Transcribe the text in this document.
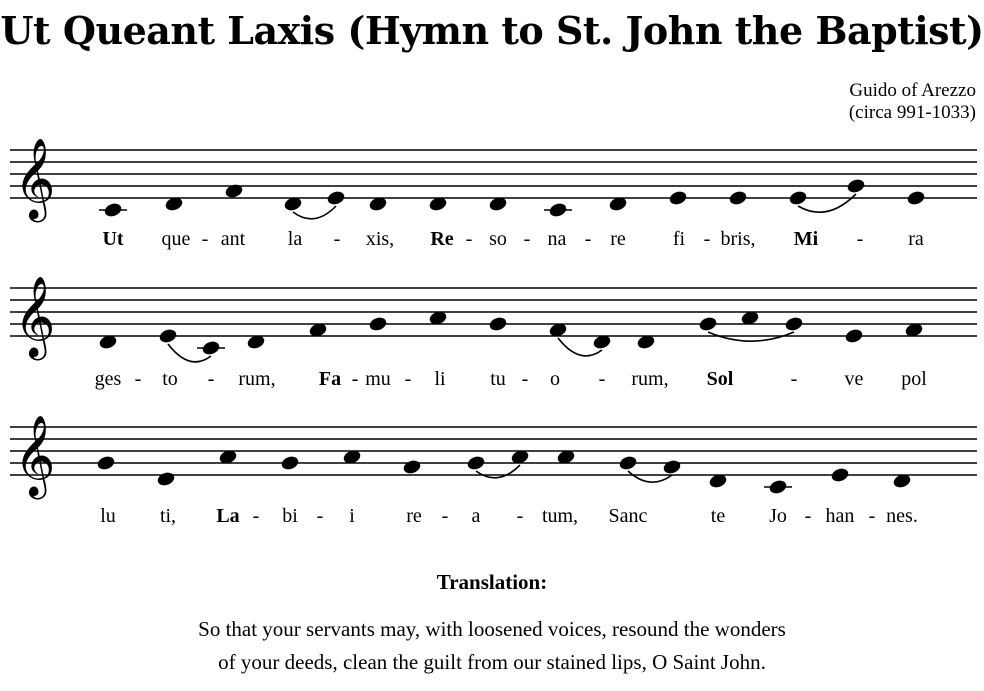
Ut Queant Laxis (Hymn to St. John the Baptist)
Guido of Arezzo
(circa 991-1033)
𝄞
𝄞
𝄞
Ut	-
que ant	-
la	xis, Re - so - na - re fi - bris, Mi - ra
ges - to - rum, Fa - mu - li tu - o - rum, Sol	- ve pol
lu ti, La - bi - i	re - a - tum, Sanc	te Jo - han - nes.
Translation:
So that your servants may, with loosened voices, resound the wonders
of your deeds, clean the guilt from our stained lips, O Saint John.
